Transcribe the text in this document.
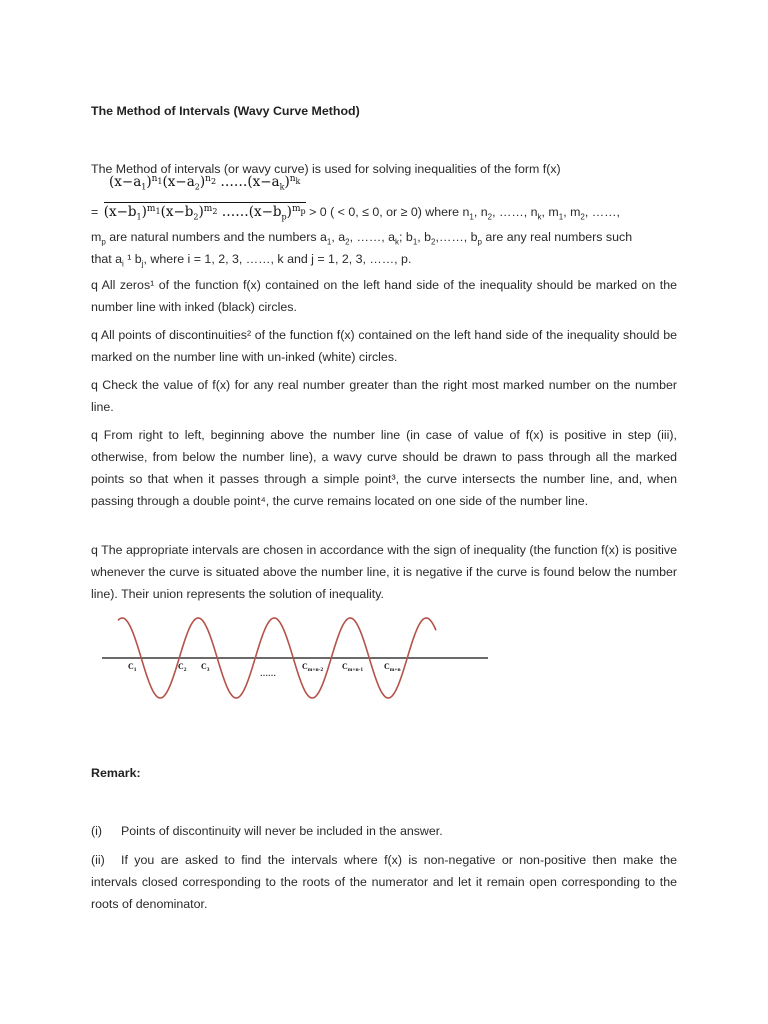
The Method of Intervals (Wavy Curve Method)
The Method of intervals (or wavy curve) is used for solving inequalities of the form f(x)
$(x-a_1)^{n_1}(x-a_2)^{n_2}$ $\dots\dots(x-a_k)^{n_k}$
= $(x-b_1)^{m_1}(x-b_2)^{m_2}$ $\dots\dots(x-b_p)^{m_p} > 0$ ( < 0, ≤ 0, or ≥ 0) where $n_1$, $n_2$, ……, $n_k$, $m_1$, $m_2$, ……,
$m_p$ are natural numbers and the numbers $a_1$, $a_2$, ……, $a_k$; $b_1$, $b_2,\dots\dots$, $b_p$ are any real numbers such
that $a_i$ ¹ $b_j$, where i = 1, 2, 3, ……, k and j = 1, 2, 3, ……, p.
q All zeros¹ of the function f(x) contained on the left hand side of the inequality should be marked on the number line with inked (black) circles.
q All points of discontinuities² of the function f(x) contained on the left hand side of the inequality should be marked on the number line with un-inked (white) circles.
q Check the value of f(x) for any real number greater than the right most marked number on the number line.
q From right to left, beginning above the number line (in case of value of f(x) is positive in step (iii), otherwise, from below the number line), a wavy curve should be drawn to pass through all the marked points so that when it passes through a simple point³, the curve intersects the number line, and, when passing through a double point⁴, the curve remains located on one side of the number line.
q The appropriate intervals are chosen in accordance with the sign of inequality (the function f(x) is positive whenever the curve is situated above the number line, it is negative if the curve is found below the number line). Their union represents the solution of inequality.
Remark:
(i) Points of discontinuity will never be included in the answer.
(ii) If you are asked to find the intervals where f(x) is non-negative or non-positive then make the intervals closed corresponding to the roots of the numerator and let it remain open corresponding to the roots of denominator.
$C_1$	$C_2$ $C_3$	……
$C_{m+n-2}$ $C_{m+n-1}$	$C_{m+n}$
